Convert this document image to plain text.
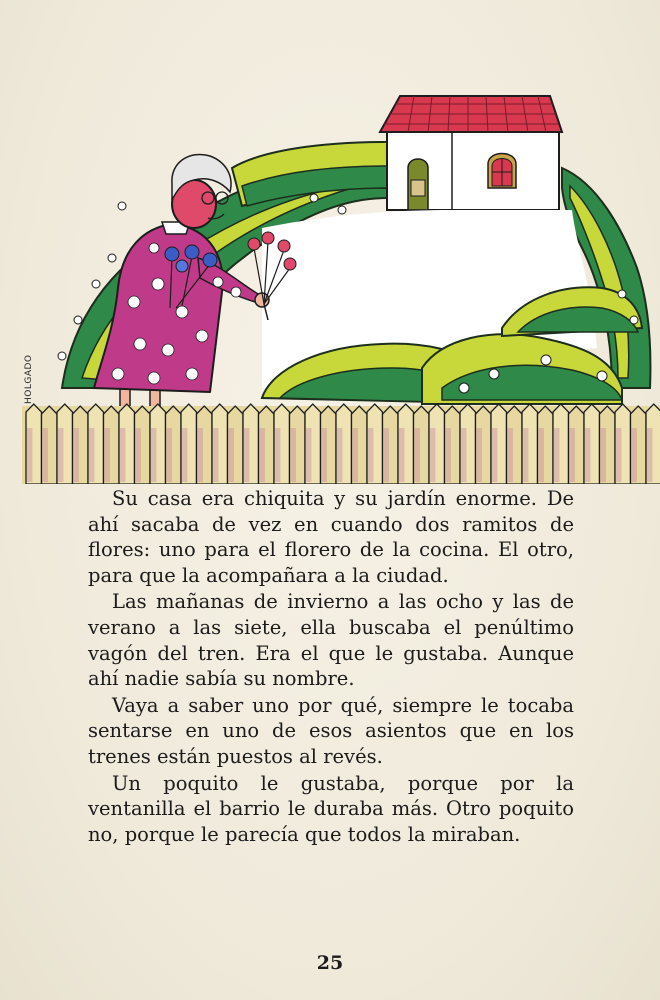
HOLGADO

Su casa era chiquita y su jardín enorme. De ahí sacaba de vez en cuando dos ramitos de flores: uno para el florero de la cocina. El otro, para que la acompañara a la ciudad.

Las mañanas de invierno a las ocho y las de verano a las siete, ella buscaba el penúltimo vagón del tren. Era el que le gustaba. Aunque ahí nadie sabía su nombre.

Vaya a saber uno por qué, siempre le tocaba sentarse en uno de esos asientos que en los trenes están puestos al revés.

Un poquito le gustaba, porque por la ventanilla el barrio le duraba más. Otro poquito no, porque le parecía que todos la miraban.

25
